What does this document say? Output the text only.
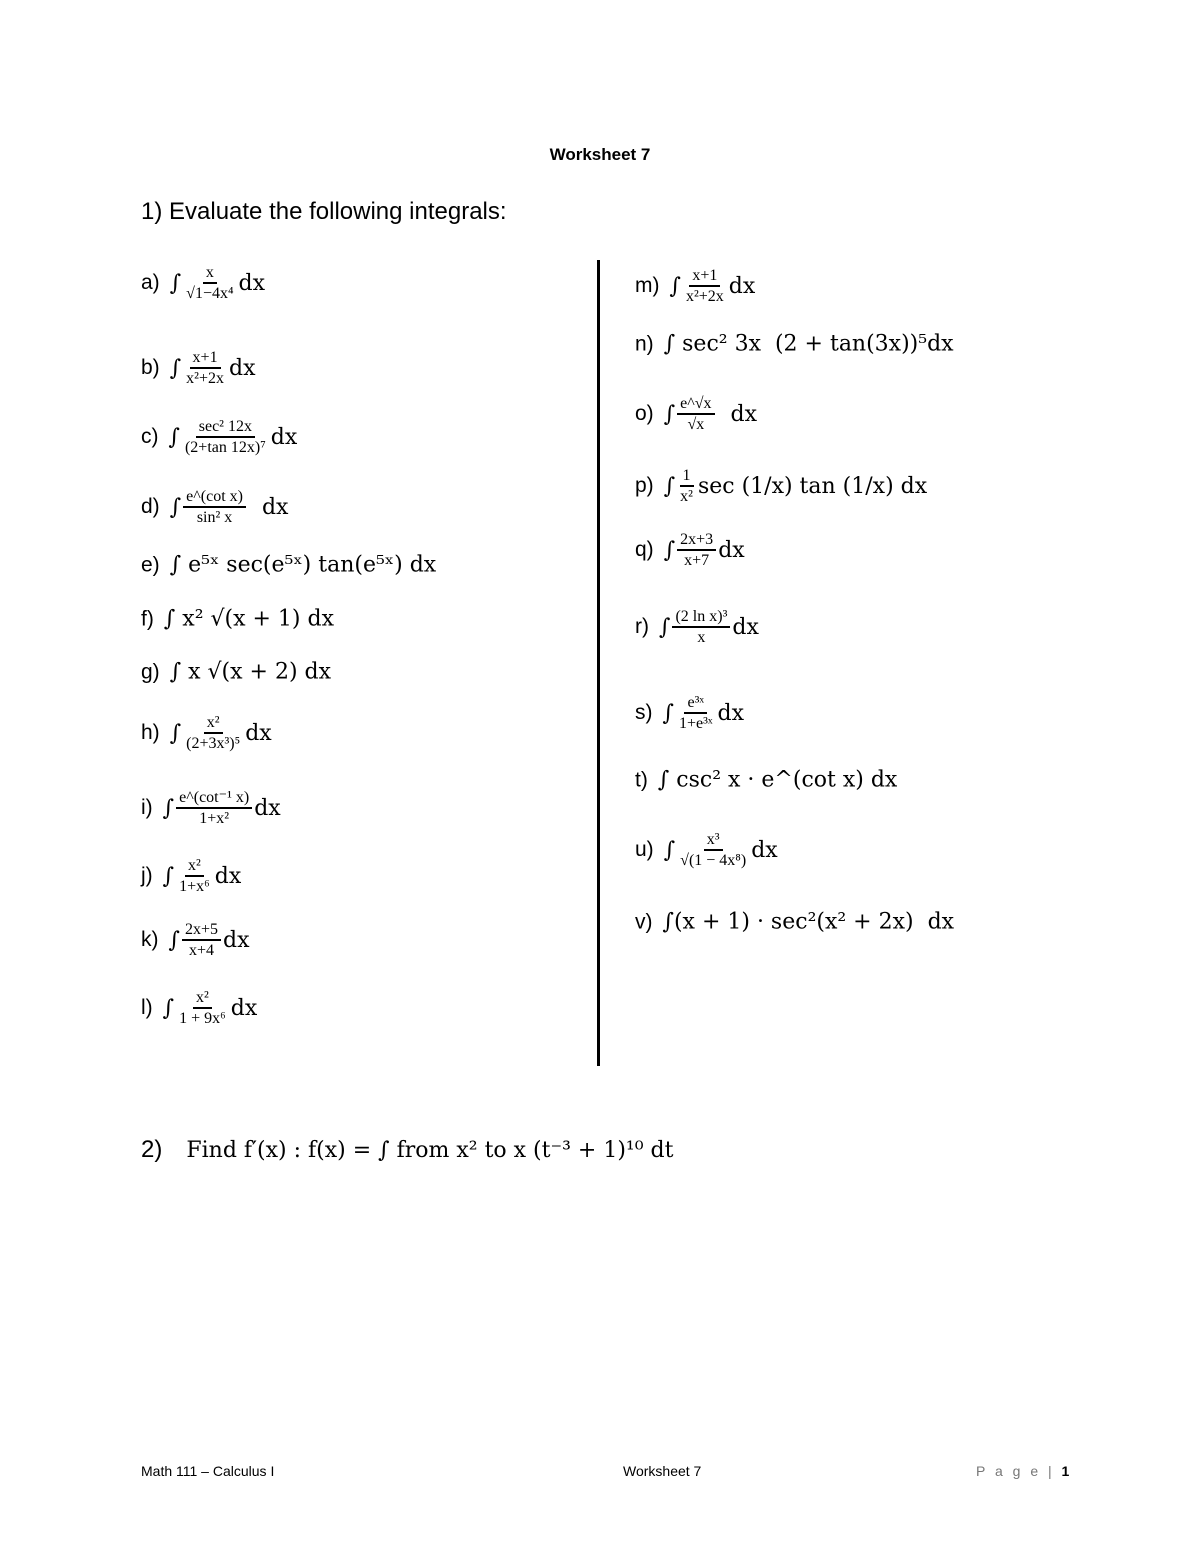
Worksheet 7
1) Evaluate the following integrals:
a) ∫ $\frac{x}{\text{√1−4x⁴}}$ dx
b) ∫ $\frac{x+1}{\text{x²+2x}}$ dx
c) ∫ $\frac{\text{sec² 12x}}{\text{(2+tan 12x)⁷}}$ dx
d) ∫ $\frac{\text{e\textasciicircum{}(cot x)}}{\text{sin² x}}$ dx
e) ∫ e⁵ˣ sec(e⁵ˣ) tan(e⁵ˣ) dx
f) ∫ x² √(x + 1) dx
g) ∫ x √(x + 2) dx
h) ∫ $\frac{\text{x²}}{\text{(2+3x³)⁵}}$ dx
i) ∫ $\frac{\text{e\textasciicircum{}(cot⁻¹ x)}}{\text{1+x²}}$ dx
j) ∫ $\frac{\text{x²}}{\text{1+x⁶}}$ dx
k) ∫ $\frac{2x+5}{x+4}$ dx
l) ∫ $\frac{\text{x²}}{\text{1 + 9x⁶}}$ dx
m) ∫ $\frac{x+1}{\text{x²+2x}}$ dx
n) ∫ sec² 3x  (2 + tan(3x))⁵dx
o) ∫ $\frac{e\^{}√x}{√x}$ dx
p) ∫ $\frac{1}{\text{x²}}$ sec (1/x) tan (1/x) dx
q) ∫ $\frac{2x+3}{x+7}$ dx
r) ∫ $\frac{\text{(2 ln x)³}}{x}$ dx
s) ∫ $\frac{\text{e³ˣ}}{\text{1+e³ˣ}}$ dx
t) ∫ csc² x · e^(cot x) dx
u) ∫ $\frac{\text{x³}}{\text{√(1 − 4x⁸)}}$ dx
v) ∫(x + 1) · sec²(x² + 2x)  dx
2) Find f′(x) : f(x) = ∫ from x² to x (t⁻³ + 1)¹⁰ dt
Math 111 – Calculus I	Worksheet 7	P a g e | 1
